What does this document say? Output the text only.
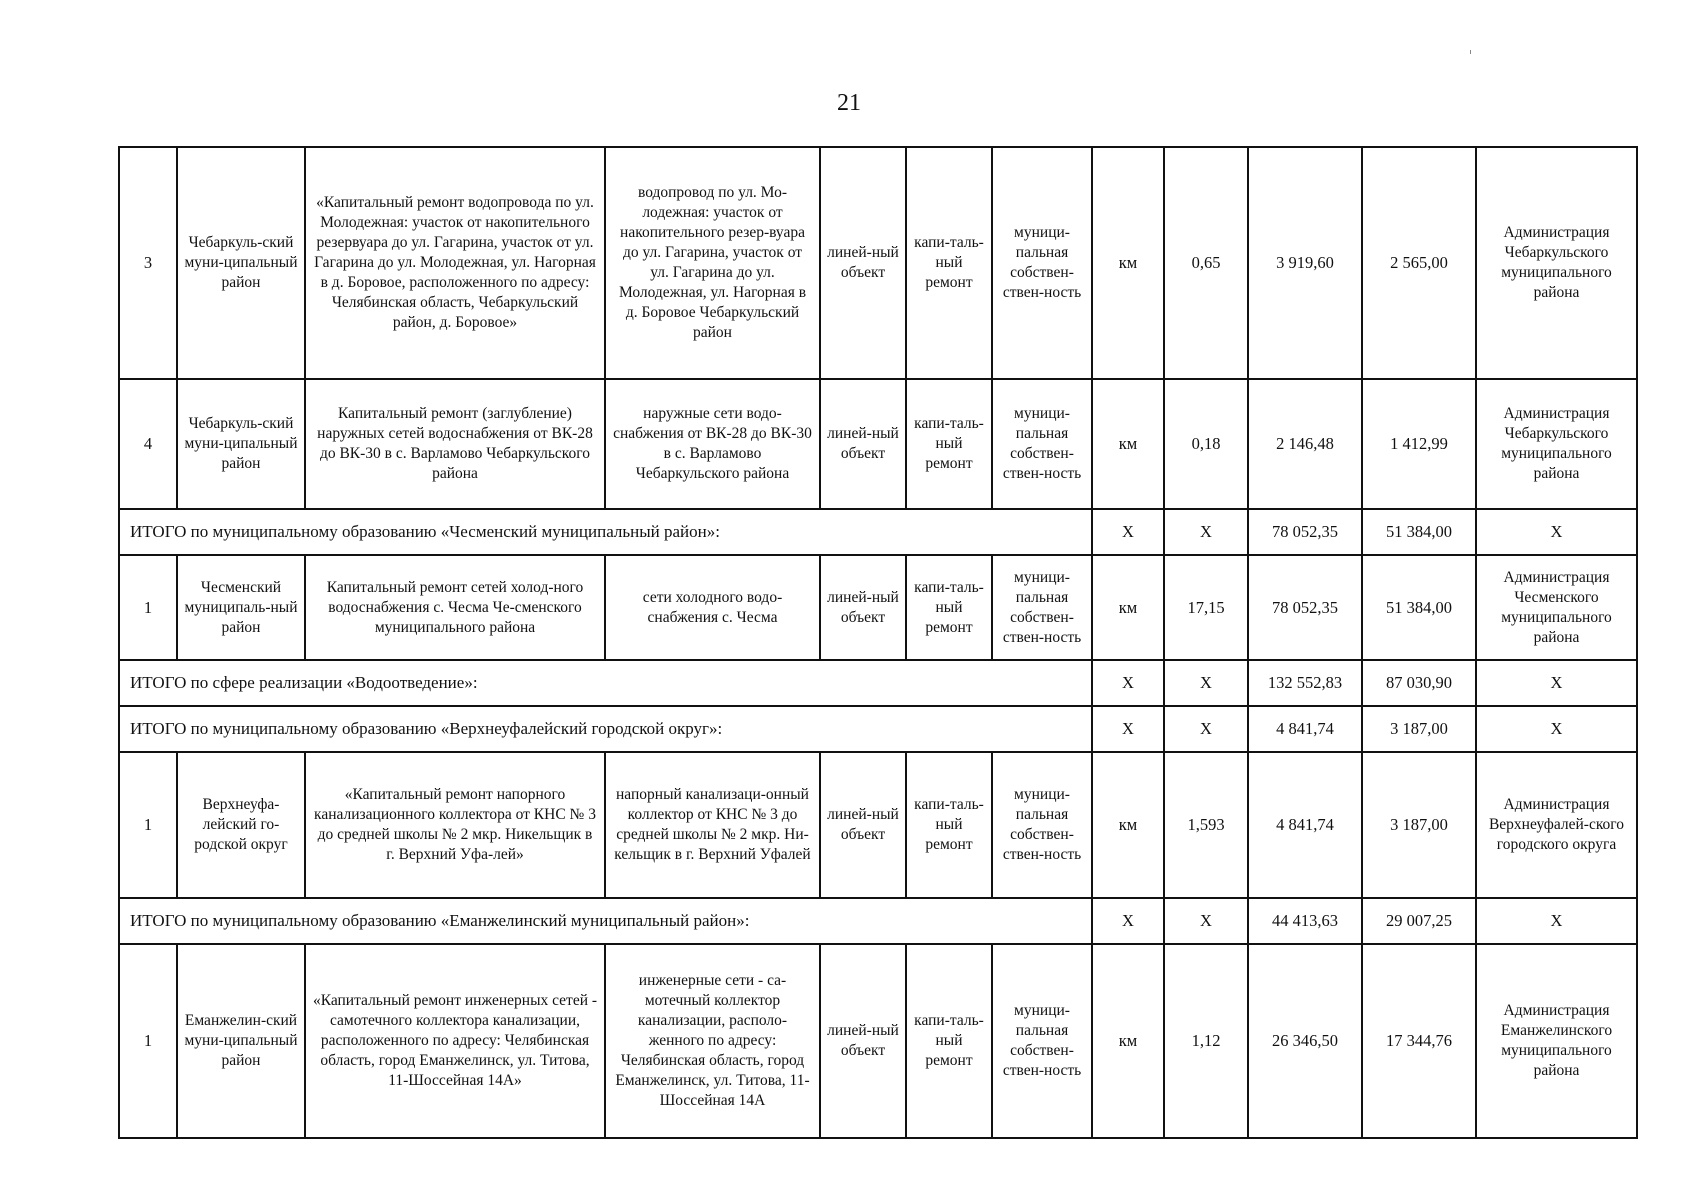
21
3	Чебаркуль-ский муни-ципальный район	«Капитальный ремонт водопровода по ул. Молодежная: участок от накопительного резервуара до ул. Гагарина, участок от ул. Гагарина до ул. Молодежная, ул. Нагорная в д. Боровое, расположенного по адресу: Челябинская область, Чебаркульский район, д. Боровое»	водопровод по ул. Мо-лодежная: участок от накопительного резер-вуара до ул. Гагарина, участок от ул. Гагарина до ул. Молодежная, ул. Нагорная в д. Боровое Чебаркульский район	линей-ный объект	капи-таль-ный ремонт	муници-пальная собствен-ствен-ность	км	0,65	3 919,60	2 565,00	Администрация Чебаркульского муниципального района
4	Чебаркуль-ский муни-ципальный район	Капитальный ремонт (заглубление) наружных сетей водоснабжения от ВК-28 до ВК-30 в с. Варламово Чебаркульского района	наружные сети водо-снабжения от ВК-28 до ВК-30 в с. Варламово Чебаркульского района	линей-ный объект	капи-таль-ный ремонт	муници-пальная собствен-ствен-ность	км	0,18	2 146,48	1 412,99	Администрация Чебаркульского муниципального района
ИТОГО по муниципальному образованию «Чесменский муниципальный район»:							Х	Х	78 052,35	51 384,00	Х
1	Чесменский муниципаль-ный район	Капитальный ремонт сетей холод-ного водоснабжения с. Чесма Че-сменского муниципального района	сети холодного водо-снабжения с. Чесма	линей-ный объект	капи-таль-ный ремонт	муници-пальная собствен-ствен-ность	км	17,15	78 052,35	51 384,00	Администрация Чесменского муниципального района
ИТОГО по сфере реализации «Водоотведение»:							Х	Х	132 552,83	87 030,90	Х
ИТОГО по муниципальному образованию «Верхнеуфалейский городской округ»:							Х	Х	4 841,74	3 187,00	Х
1	Верхнеуфа-лейский го-родской округ	«Капитальный ремонт напорного канализационного коллектора от КНС № 3 до средней школы № 2 мкр. Никельщик в г. Верхний Уфа-лей»	напорный канализаци-онный коллектор от КНС № 3 до средней школы № 2 мкр. Ни-кельщик в г. Верхний Уфалей	линей-ный объект	капи-таль-ный ремонт	муници-пальная собствен-ствен-ность	км	1,593	4 841,74	3 187,00	Администрация Верхнеуфалей-ского городского округа
ИТОГО по муниципальному образованию «Еманжелинский муниципальный район»:							Х	Х	44 413,63	29 007,25	Х
1	Еманжелин-ский муни-ципальный район	«Капитальный ремонт инженерных сетей - самотечного коллектора канализации, расположенного по адресу: Челябинская область, город Еманжелинск, ул. Титова, 11-Шоссейная 14А»	инженерные сети - са-мотечный коллектор канализации, располо-женного по адресу: Челябинская область, город Еманжелинск, ул. Титова, 11-Шоссейная 14А	линей-ный объект	капи-таль-ный ремонт	муници-пальная собствен-ствен-ность	км	1,12	26 346,50	17 344,76	Администрация Еманжелинского муниципального района
